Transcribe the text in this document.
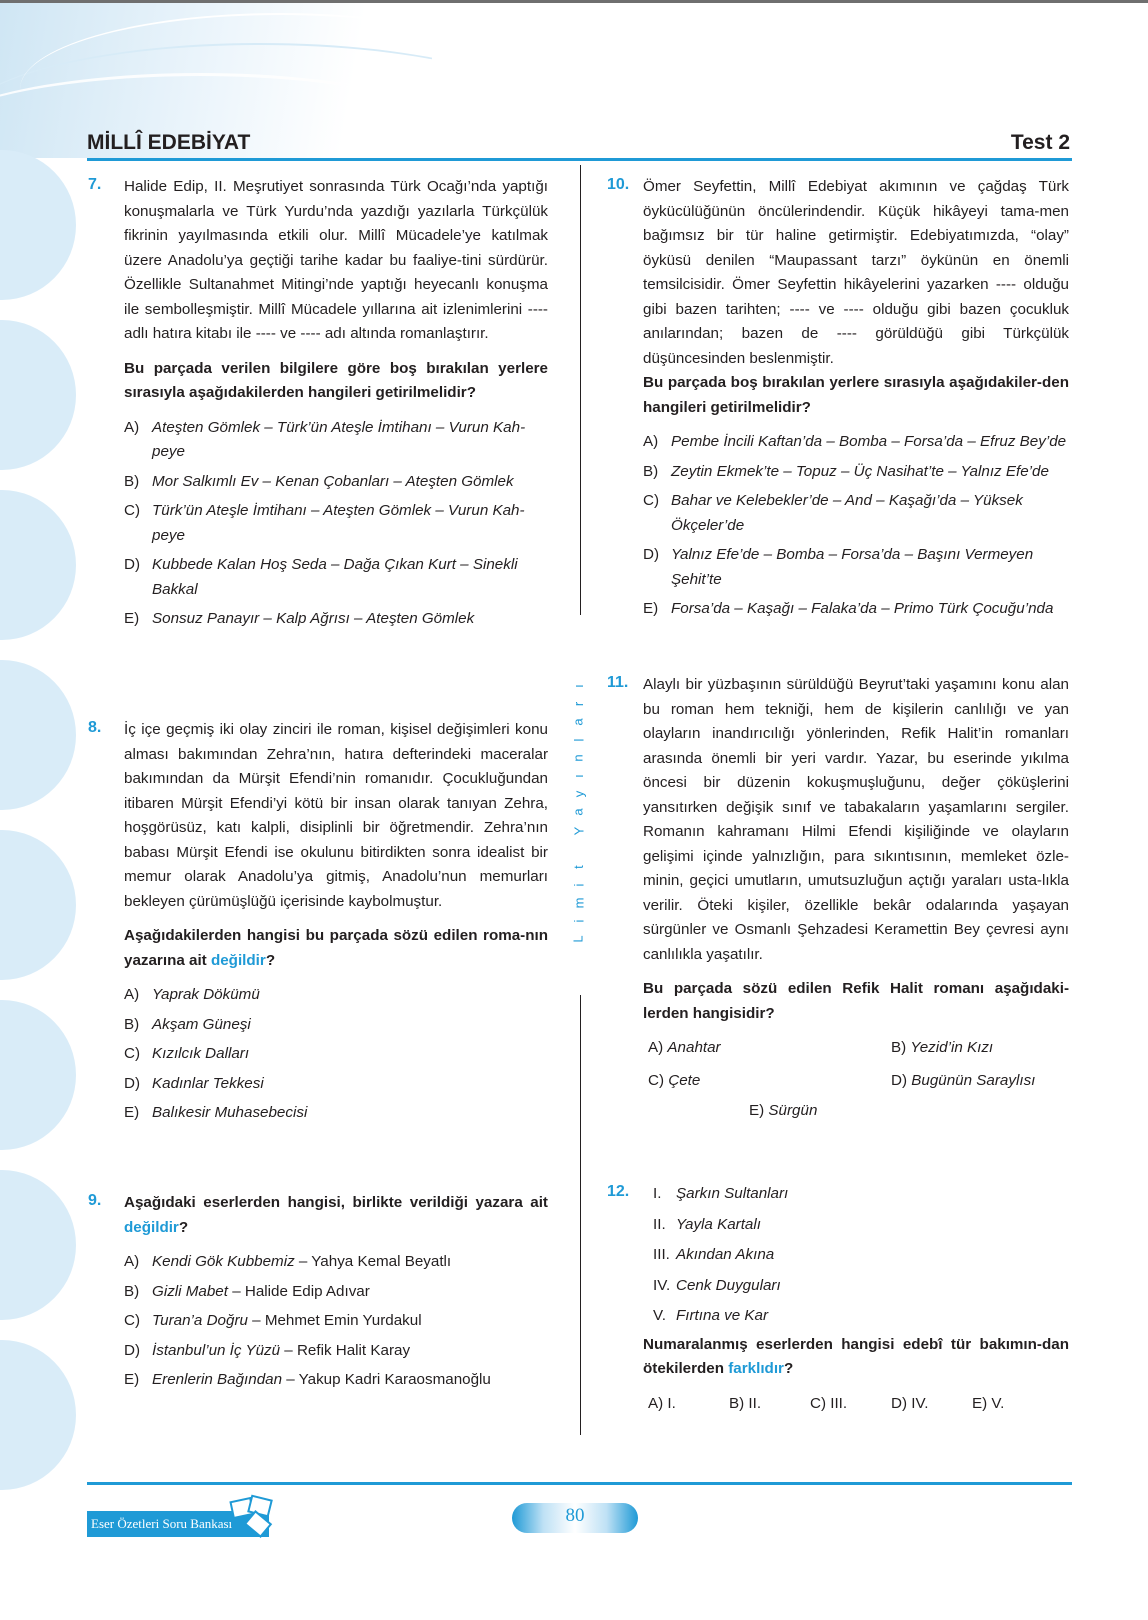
MİLLÎ EDEBİYAT	Test 2
ı
r
a
l
n
ı
y
a
Y
t
i
m
i
L
7. Halide Edip, II. Meşrutiyet sonrasında Türk Ocağı’nda yaptığı konuşmalarla ve Türk Yurdu’nda yazdığı yazılarla Türkçülük fikrinin yayılmasında etkili olur. Millî Mücadele’ye katılmak üzere Anadolu’ya geçtiği tarihe kadar bu faaliye-tini sürdürür. Özellikle Sultanahmet Mitingi’nde yaptığı heyecanlı konuşma ile sembolleşmiştir. Millî Mücadele yıllarına ait izlenimlerini ---- adlı hatıra kitabı ile ---- ve ---- adı altında romanlaştırır.
Bu parçada verilen bilgilere göre boş bırakılan yerlere sırasıyla aşağıdakilerden hangileri getirilmelidir?
A) Ateşten Gömlek – Türk’ün Ateşle İmtihanı – Vurun Kah-peye
B) Mor Salkımlı Ev – Kenan Çobanları – Ateşten Gömlek
C) Türk’ün Ateşle İmtihanı – Ateşten Gömlek – Vurun Kah-peye
D) Kubbede Kalan Hoş Seda – Dağa Çıkan Kurt – Sinekli Bakkal
E) Sonsuz Panayır – Kalp Ağrısı – Ateşten Gömlek
8. İç içe geçmiş iki olay zinciri ile roman, kişisel değişimleri konu alması bakımından Zehra’nın, hatıra defterindeki maceralar bakımından da Mürşit Efendi’nin romanıdır. Çocukluğundan itibaren Mürşit Efendi’yi kötü bir insan olarak tanıyan Zehra, hoşgörüsüz, katı kalpli, disiplinli bir öğretmendir. Zehra’nın babası Mürşit Efendi ise okulunu bitirdikten sonra idealist bir memur olarak Anadolu’ya gitmiş, Anadolu’nun memurları bekleyen çürümüşlüğü içerisinde kaybolmuştur.
Aşağıdakilerden hangisi bu parçada sözü edilen roma-nın yazarına ait değildir?
A) Yaprak Dökümü
B) Akşam Güneşi
C) Kızılcık Dalları
D) Kadınlar Tekkesi
E) Balıkesir Muhasebecisi
9. Aşağıdaki eserlerden hangisi, birlikte verildiği yazara ait değildir?
A) Kendi Gök Kubbemiz – Yahya Kemal Beyatlı
B) Gizli Mabet – Halide Edip Adıvar
C) Turan’a Doğru – Mehmet Emin Yurdakul
D) İstanbul’un İç Yüzü – Refik Halit Karay
E) Erenlerin Bağından – Yakup Kadri Karaosmanoğlu
10. Ömer Seyfettin, Millî Edebiyat akımının ve çağdaş Türk öykücülüğünün öncülerindendir. Küçük hikâyeyi tama-men bağımsız bir tür haline getirmiştir. Edebiyatımızda, “olay” öyküsü denilen “Maupassant tarzı” öykünün en önemli temsilcisidir. Ömer Seyfettin hikâyelerini yazarken ---- olduğu gibi bazen tarihten; ---- ve ---- olduğu gibi bazen çocukluk anılarından; bazen de ---- görüldüğü gibi Türkçülük düşüncesinden beslenmiştir.
Bu parçada boş bırakılan yerlere sırasıyla aşağıdakiler-den hangileri getirilmelidir?
A) Pembe İncili Kaftan’da – Bomba – Forsa’da – Efruz Bey’de
B) Zeytin Ekmek’te – Topuz – Üç Nasihat’te – Yalnız Efe’de
C) Bahar ve Kelebekler’de – And – Kaşağı’da – Yüksek Ökçeler’de
D) Yalnız Efe’de – Bomba – Forsa’da – Başını Vermeyen Şehit’te
E) Forsa’da – Kaşağı – Falaka’da – Primo Türk Çocuğu’nda
11. Alaylı bir yüzbaşının sürüldüğü Beyrut’taki yaşamını konu alan bu roman hem tekniği, hem de kişilerin canlılığı ve yan olayların inandırıcılığı yönlerinden, Refik Halit’in romanları arasında önemli bir yeri vardır. Yazar, bu eserinde yıkılma öncesi bir düzenin kokuşmuşluğunu, değer çöküşlerini yansıtırken değişik sınıf ve tabakaların yaşamlarını sergiler. Romanın kahramanı Hilmi Efendi kişiliğinde ve olayların gelişimi içinde yalnızlığın, para sıkıntısının, memleket özle-minin, geçici umutların, umutsuzluğun açtığı yaraları usta-lıkla verilir. Öteki kişiler, özellikle bekâr odalarında yaşayan sürgünler ve Osmanlı Şehzadesi Keramettin Bey çevresi aynı canlılıkla yaşatılır.
Bu parçada sözü edilen Refik Halit romanı aşağıdaki-lerden hangisidir?
A) Anahtar	B) Yezid’in Kızı
C) Çete	D) Bugünün Saraylısı
E) Sürgün
12. I. Şarkın Sultanları
II. Yayla Kartalı
III. Akından Akına
IV. Cenk Duyguları
V. Fırtına ve Kar
Numaralanmış eserlerden hangisi edebî tür bakımın-dan ötekilerden farklıdır?
A) I.	B) II.	C) III.	D) IV.	E) V.
Eser Özetleri Soru Bankası	80
